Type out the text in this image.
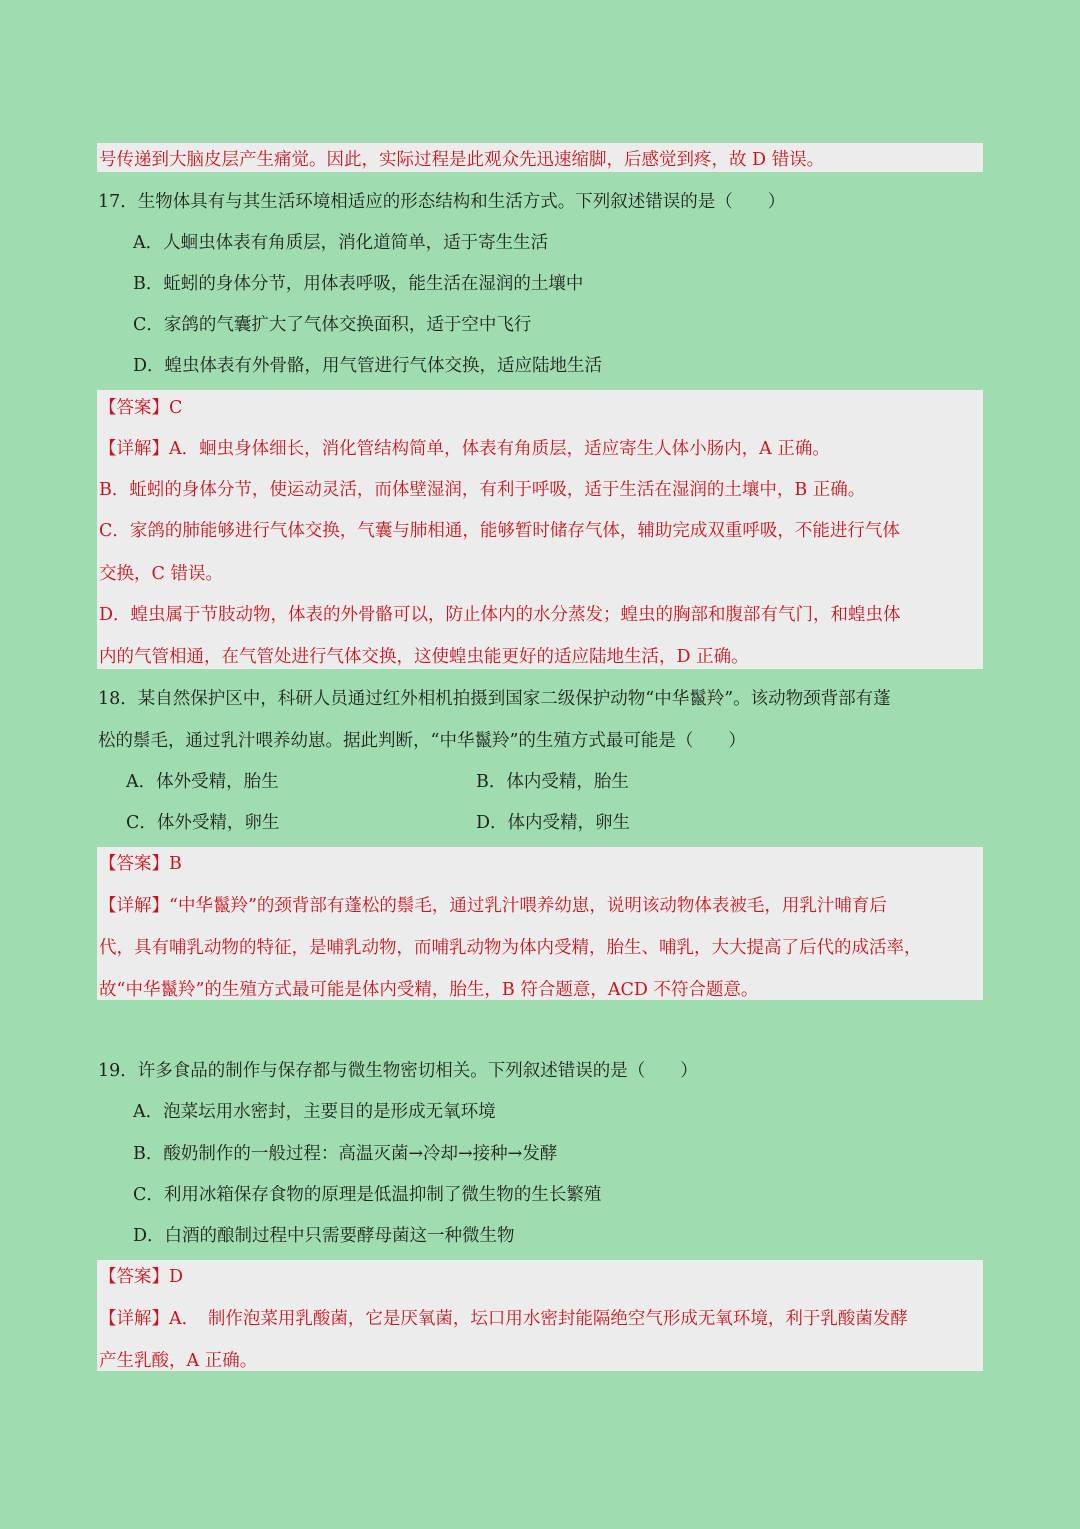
号传递到大脑皮层产生痛觉。因此，实际过程是此观众先迅速缩脚，后感觉到疼，故 D 错误。
17．生物体具有与其生活环境相适应的形态结构和生活方式。下列叙述错误的是（　　）
A．人蛔虫体表有角质层，消化道简单，适于寄生生活
B．蚯蚓的身体分节，用体表呼吸，能生活在湿润的土壤中
C．家鸽的气囊扩大了气体交换面积，适于空中飞行
D．蝗虫体表有外骨骼，用气管进行气体交换，适应陆地生活
【答案】C
【详解】A．蛔虫身体细长，消化管结构简单，体表有角质层，适应寄生人体小肠内，A 正确。
B．蚯蚓的身体分节，使运动灵活，而体壁湿润，有利于呼吸，适于生活在湿润的土壤中，B 正确。
C．家鸽的肺能够进行气体交换，气囊与肺相通，能够暂时储存气体，辅助完成双重呼吸，不能进行气体
交换，C 错误。
D．蝗虫属于节肢动物，体表的外骨骼可以，防止体内的水分蒸发；蝗虫的胸部和腹部有气门，和蝗虫体
内的气管相通，在气管处进行气体交换，这使蝗虫能更好的适应陆地生活，D 正确。
18．某自然保护区中，科研人员通过红外相机拍摄到国家二级保护动物“中华鬣羚”。该动物颈背部有蓬
松的鬃毛，通过乳汁喂养幼崽。据此判断，“中华鬣羚”的生殖方式最可能是（　　）
A．体外受精，胎生	B．体内受精，胎生
C．体外受精，卵生	D．体内受精，卵生
【答案】B
【详解】“中华鬣羚”的颈背部有蓬松的鬃毛，通过乳汁喂养幼崽，说明该动物体表被毛，用乳汁哺育后
代，具有哺乳动物的特征，是哺乳动物，而哺乳动物为体内受精，胎生、哺乳，大大提高了后代的成活率，
故“中华鬣羚”的生殖方式最可能是体内受精，胎生，B 符合题意，ACD 不符合题意。
19．许多食品的制作与保存都与微生物密切相关。下列叙述错误的是（　　）
A．泡菜坛用水密封，主要目的是形成无氧环境
B．酸奶制作的一般过程：高温灭菌→冷却→接种→发酵
C．利用冰箱保存食物的原理是低温抑制了微生物的生长繁殖
D．白酒的酿制过程中只需要酵母菌这一种微生物
【答案】D
【详解】A．　制作泡菜用乳酸菌，它是厌氧菌，坛口用水密封能隔绝空气形成无氧环境，利于乳酸菌发酵
产生乳酸，A 正确。
